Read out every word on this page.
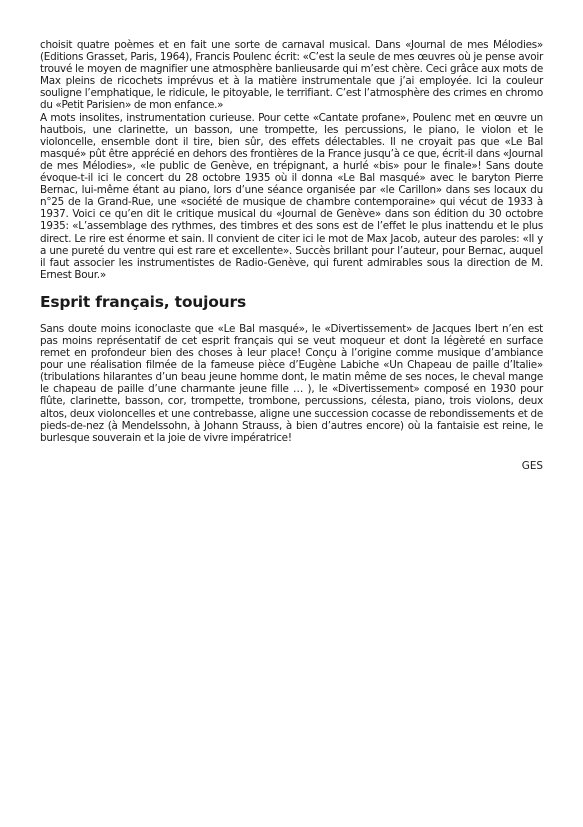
choisit quatre poèmes et en fait une sorte de carnaval musical. Dans «Journal de mes Mélodies» (Editions Grasset, Paris, 1964), Francis Poulenc écrit: «C’est la seule de mes œuvres où je pense avoir trouvé le moyen de magnifier une atmosphère banlieusarde qui m’est chère. Ceci grâce aux mots de Max pleins de ricochets imprévus et à la matière instrumentale que j’ai employée. Ici la couleur souligne l’emphatique, le ridicule, le pitoyable, le terrifiant. C’est l’atmosphère des crimes en chromo du «Petit Parisien» de mon enfance.»

A mots insolites, instrumentation curieuse. Pour cette «Cantate profane», Poulenc met en œuvre un hautbois, une clarinette, un basson, une trompette, les percussions, le piano, le violon et le violoncelle, ensemble dont il tire, bien sûr, des effets délectables. Il ne croyait pas que «Le Bal masqué» pût être apprécié en dehors des frontières de la France jusqu’à ce que, écrit-il dans «Journal de mes Mélodies», «le public de Genève, en trépignant, a hurlé «bis» pour le finale»! Sans doute évoque-t-il ici le concert du 28 octobre 1935 où il donna «Le Bal masqué» avec le baryton Pierre Bernac, lui-même étant au piano, lors d’une séance organisée par «le Carillon» dans ses locaux du n°25 de la Grand-Rue, une «société de musique de chambre contemporaine» qui vécut de 1933 à 1937. Voici ce qu’en dit le critique musical du «Journal de Genève» dans son édition du 30 octobre 1935: «L’assemblage des rythmes, des timbres et des sons est de l’effet le plus inattendu et le plus direct. Le rire est énorme et sain. Il convient de citer ici le mot de Max Jacob, auteur des paroles: «Il y a une pureté du ventre qui est rare et excellente». Succès brillant pour l’auteur, pour Bernac, auquel il faut associer les instrumentistes de Radio-Genève, qui furent admirables sous la direction de M. Ernest Bour.»

Esprit français, toujours

Sans doute moins iconoclaste que «Le Bal masqué», le «Divertissement» de Jacques Ibert n’en est pas moins représentatif de cet esprit français qui se veut moqueur et dont la légèreté en surface remet en profondeur bien des choses à leur place! Conçu à l’origine comme musique d’ambiance pour une réalisation filmée de la fameuse pièce d’Eugène Labiche «Un Chapeau de paille d’Italie» (tribulations hilarantes d’un beau jeune homme dont, le matin même de ses noces, le cheval mange le chapeau de paille d’une charmante jeune fille … ), le «Divertissement» composé en 1930 pour flûte, clarinette, basson, cor, trompette, trombone, percussions, célesta, piano, trois violons, deux altos, deux violoncelles et une contrebasse, aligne une succession cocasse de rebondissements et de pieds-de-nez (à Mendelssohn, à Johann Strauss, à bien d’autres encore) où la fantaisie est reine, le burlesque souverain et la joie de vivre impératrice!

GES
